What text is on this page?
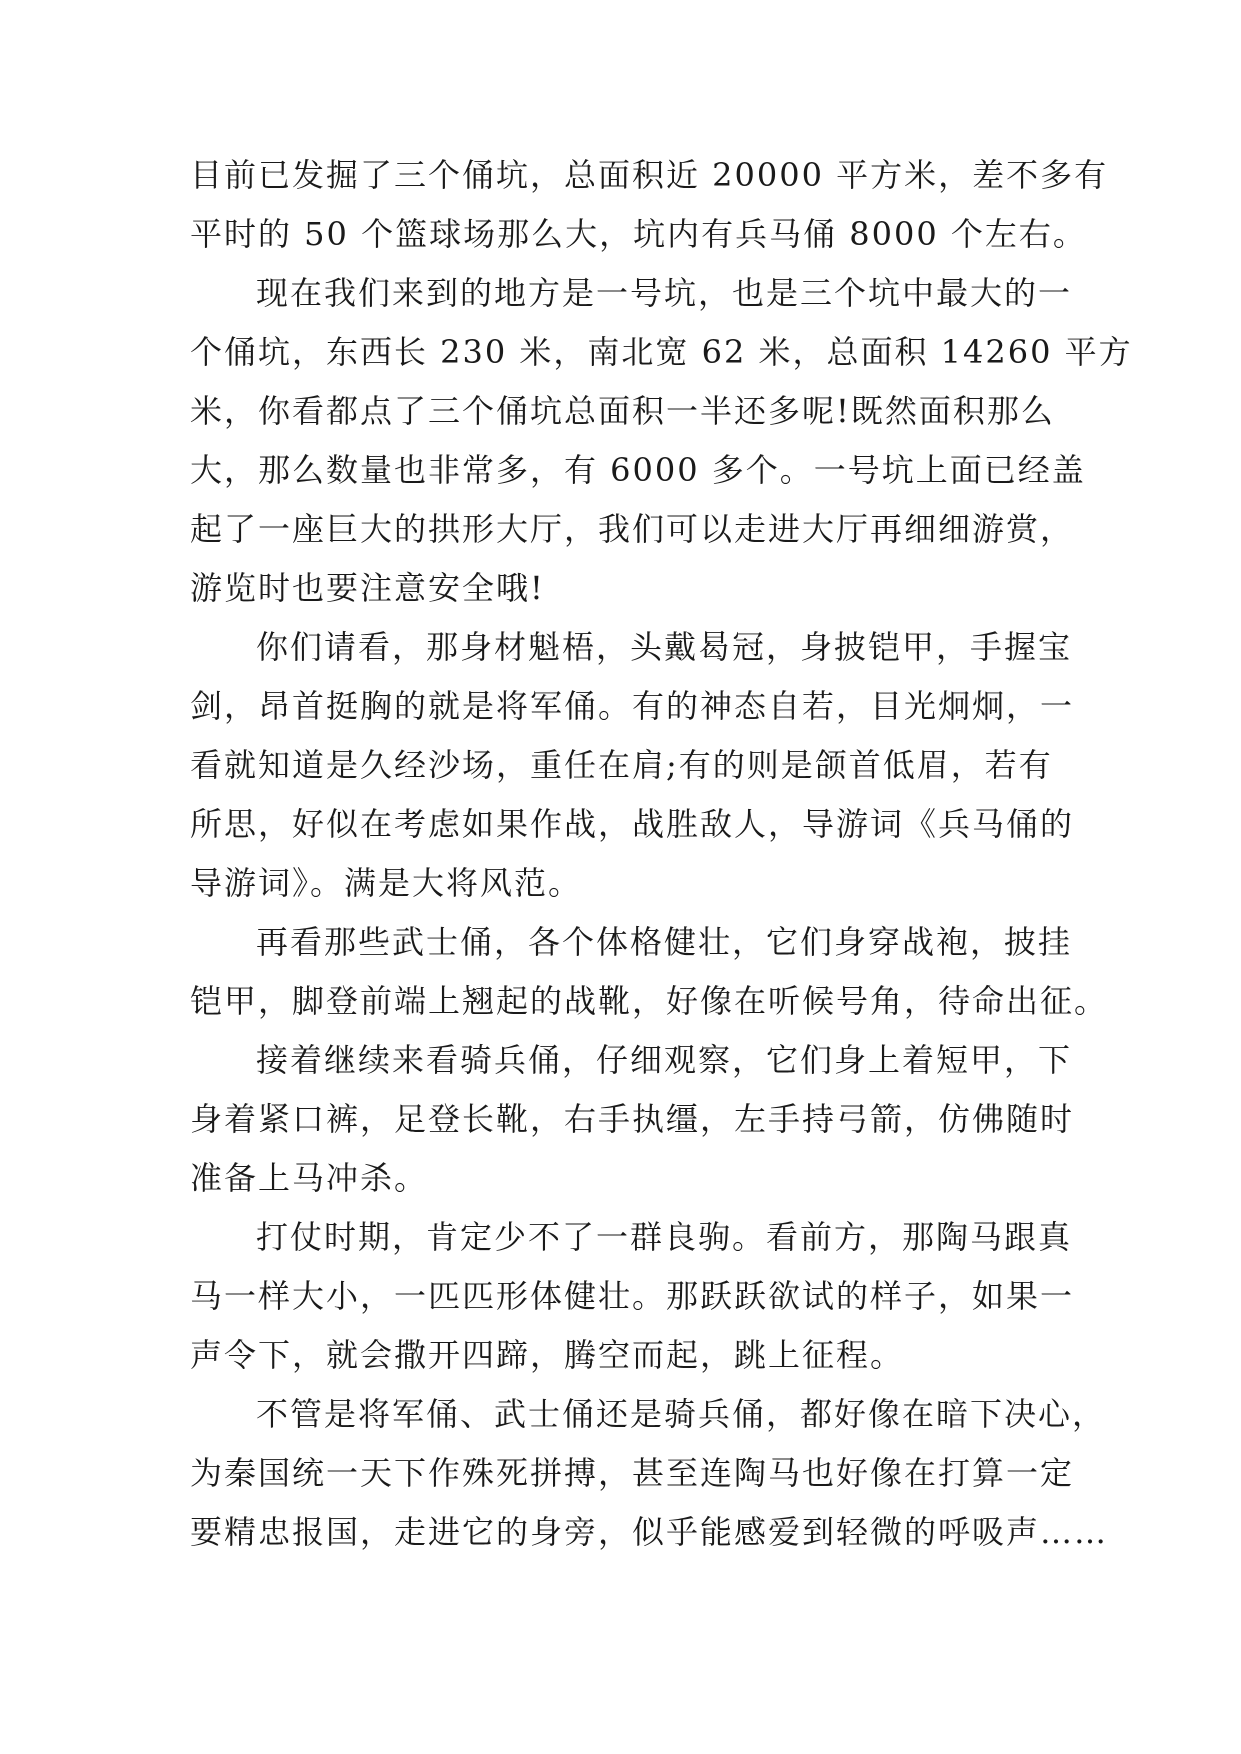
目前已发掘了三个俑坑，总面积近 20000 平方米，差不多有
平时的 50 个篮球场那么大，坑内有兵马俑 8000 个左右。

现在我们来到的地方是一号坑，也是三个坑中最大的一
个俑坑，东西长 230 米，南北宽 62 米，总面积 14260 平方
米，你看都点了三个俑坑总面积一半还多呢!既然面积那么
大，那么数量也非常多，有 6000 多个。一号坑上面已经盖
起了一座巨大的拱形大厅，我们可以走进大厅再细细游赏，
游览时也要注意安全哦!

你们请看，那身材魁梧，头戴曷冠，身披铠甲，手握宝
剑，昂首挺胸的就是将军俑。有的神态自若，目光炯炯，一
看就知道是久经沙场，重任在肩;有的则是颌首低眉，若有
所思，好似在考虑如果作战，战胜敌人，导游词《兵马俑的
导游词》。满是大将风范。

再看那些武士俑，各个体格健壮，它们身穿战袍，披挂
铠甲，脚登前端上翘起的战靴，好像在听候号角，待命出征。

接着继续来看骑兵俑，仔细观察，它们身上着短甲，下
身着紧口裤，足登长靴，右手执缰，左手持弓箭，仿佛随时
准备上马冲杀。

打仗时期，肯定少不了一群良驹。看前方，那陶马跟真
马一样大小，一匹匹形体健壮。那跃跃欲试的样子，如果一
声令下，就会撒开四蹄，腾空而起，跳上征程。

不管是将军俑、武士俑还是骑兵俑，都好像在暗下决心，
为秦国统一天下作殊死拼搏，甚至连陶马也好像在打算一定
要精忠报国，走进它的身旁，似乎能感爱到轻微的呼吸声……
